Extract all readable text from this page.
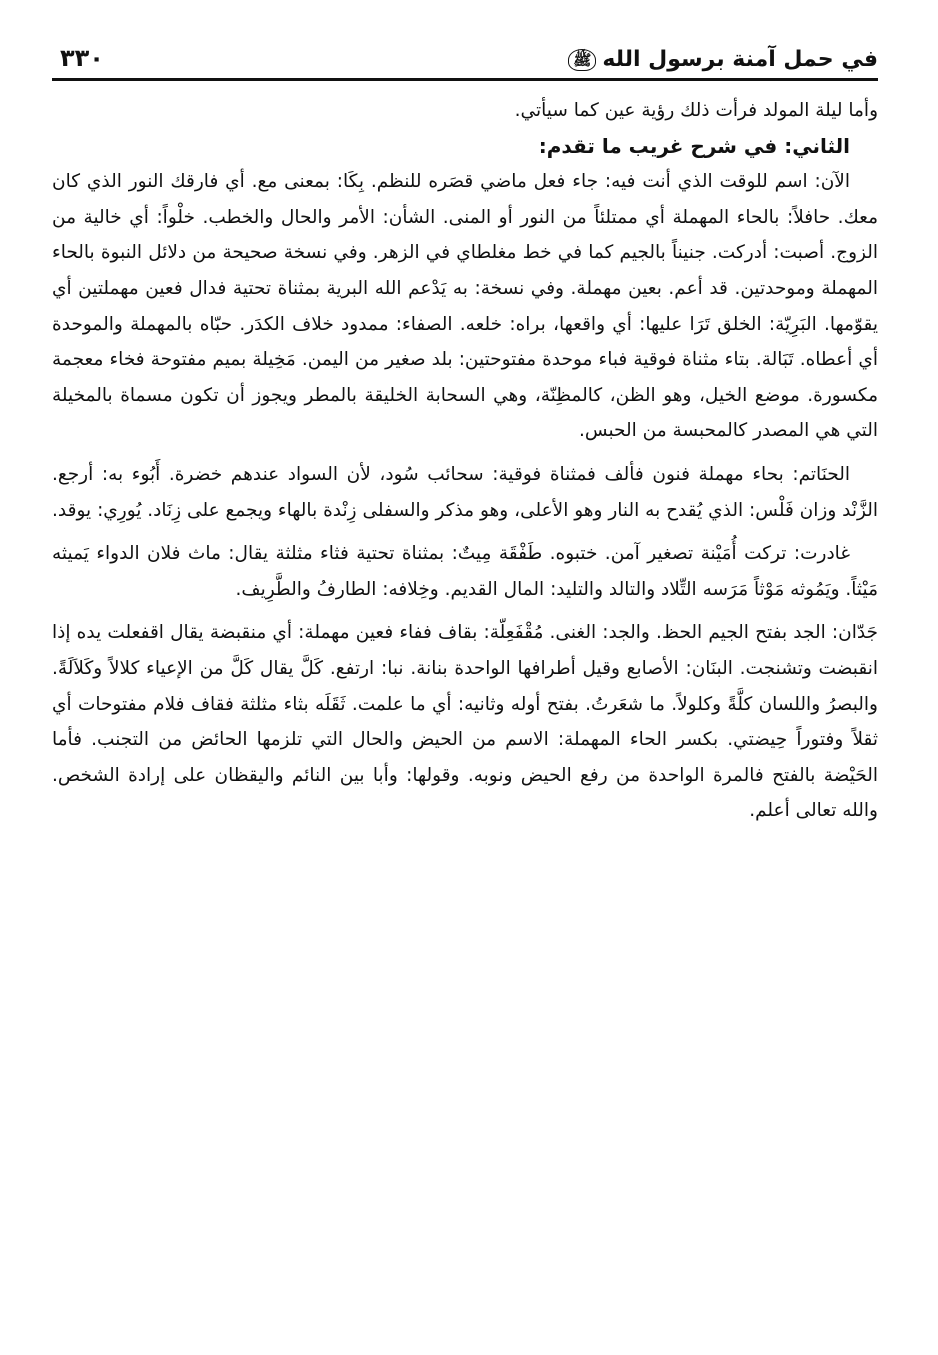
في حمل آمنة برسول الله
ﷺ
٣٣٠

وأما ليلة المولد فرأت ذلك رؤية عين كما سيأتي.

الثاني: في شرح غريب ما تقدم:

الآن: اسم للوقت الذي أنت فيه: جاء فعل ماضي قصَره للنظم. بِكَا: بمعنى مع. أي فارقك النور الذي كان معك. حافلاً: بالحاء المهملة أي ممتلئاً من النور أو المنى. الشأن: الأمر والحال والخطب. خلْواً: أي خالية من الزوج. أصبت: أدركت. جنيناً بالجيم كما في خط مغلطاي في الزهر. وفي نسخة صحيحة من دلائل النبوة بالحاء المهملة وموحدتين. قد أعم. بعين مهملة. وفي نسخة: به يَدْعم الله البرية بمثناة تحتية فدال فعين مهملتين أي يقوّمها. البَرِيّة: الخلق تَرَا عليها: أي واقعها، براه: خلعه. الصفاء: ممدود خلاف الكدَر. حبّاه بالمهملة والموحدة أي أعطاه. تَبَالة. بتاء مثناة فوقية فباء موحدة مفتوحتين: بلد صغير من اليمن. مَخِيلة بميم مفتوحة فخاء معجمة مكسورة. موضع الخيل، وهو الظن، كالمظِنّة، وهي السحابة الخليقة بالمطر ويجوز أن تكون مسماة بالمخيلة التي هي المصدر كالمحبسة من الحبس.

الحنَاتم: بحاء مهملة فنون فألف فمثناة فوقية: سحائب سُود، لأن السواد عندهم خضرة. أَبُوء به: أرجع. الزَّنْد وزان فَلْس: الذي يُقدح به النار وهو الأعلى، وهو مذكر والسفلى زِنْدة بالهاء ويجمع على زِنَاد. يُورِي: يوقد.

غادرت: تركت أُمَيْنة تصغير آمن. ختبوه. طَفْقَة مِيتٌ: بمثناة تحتية فثاء مثلثة يقال: ماث فلان الدواء يَميثه مَيْثاً. ويَمُوثه مَوْثاً مَرَسه التِّلاد والتالد والتليد: المال القديم. وخِلافه: الطارفُ والطَّرِيف.

جَدّان: الجد بفتح الجيم الحظ. والجد: الغنى. مُقْفَعِلّة: بقاف ففاء فعين مهملة: أي منقبضة يقال اقفعلت يده إذا انقبضت وتشنجت. البنَان: الأصابع وقيل أطرافها الواحدة بنانة. نبا: ارتفع. كَلَّ يقال كَلَّ من الإعياء كلالاً وكَلاَلَةً. والبصرُ واللسان كلَّةً وكلولاً. ما شعَرتُ. بفتح أوله وثانيه: أي ما علمت. ثَقَلَه بثاء مثلثة فقاف فلام مفتوحات أي ثقلاً وفتوراً حِيضتي. بكسر الحاء المهملة: الاسم من الحيض والحال التي تلزمها الحائض من التجنب. فأما الحَيْضة بالفتح فالمرة الواحدة من رفع الحيض ونوبه. وقولها: وأبا بين النائم واليقظان على إرادة الشخص. والله تعالى أعلم.
